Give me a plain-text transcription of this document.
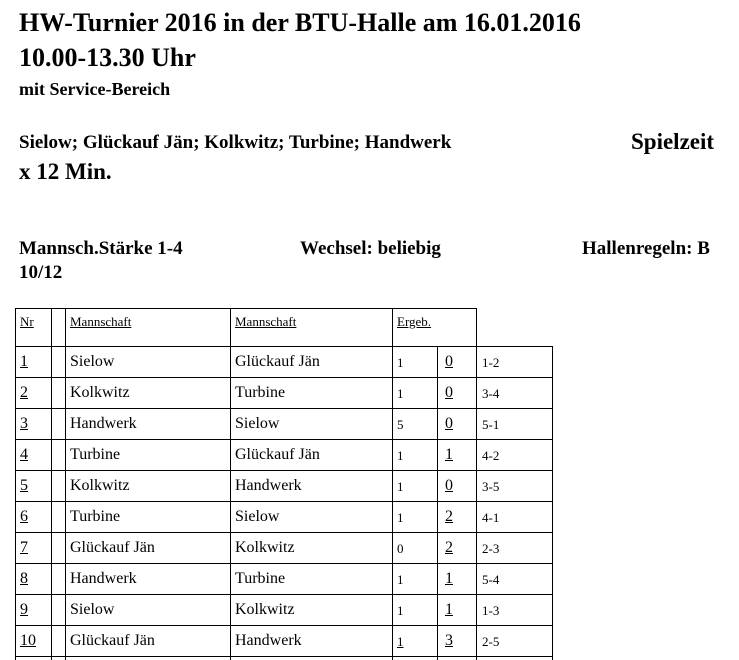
HW-Turnier 2016 in der BTU-Halle am 16.01.2016
10.00-13.30 Uhr
mit Service-Bereich
Sielow; Glückauf Jän; Kolkwitz; Turbine; Handwerk	Spielzeit
x 12 Min.
Mannsch.Stärke 1-4	Wechsel: beliebig	Hallenregeln: B
10/12
Nr	Mannschaft	Mannschaft	Ergeb.
1	Sielow	Glückauf Jän	1	0 1-2
2	Kolkwitz	Turbine	1	0 3-4
3	Handwerk	Sielow	5	0 5-1
4	Turbine	Glückauf Jän	1	1 4-2
5	Kolkwitz	Handwerk	1	0 3-5
6	Turbine	Sielow	1	2 4-1
7	Glückauf Jän	Kolkwitz	0	2 2-3
8	Handwerk	Turbine	1	1 5-4
9	Sielow	Kolkwitz	1	1 1-3
10 Glückauf Jän	Handwerk	1	3 2-5
